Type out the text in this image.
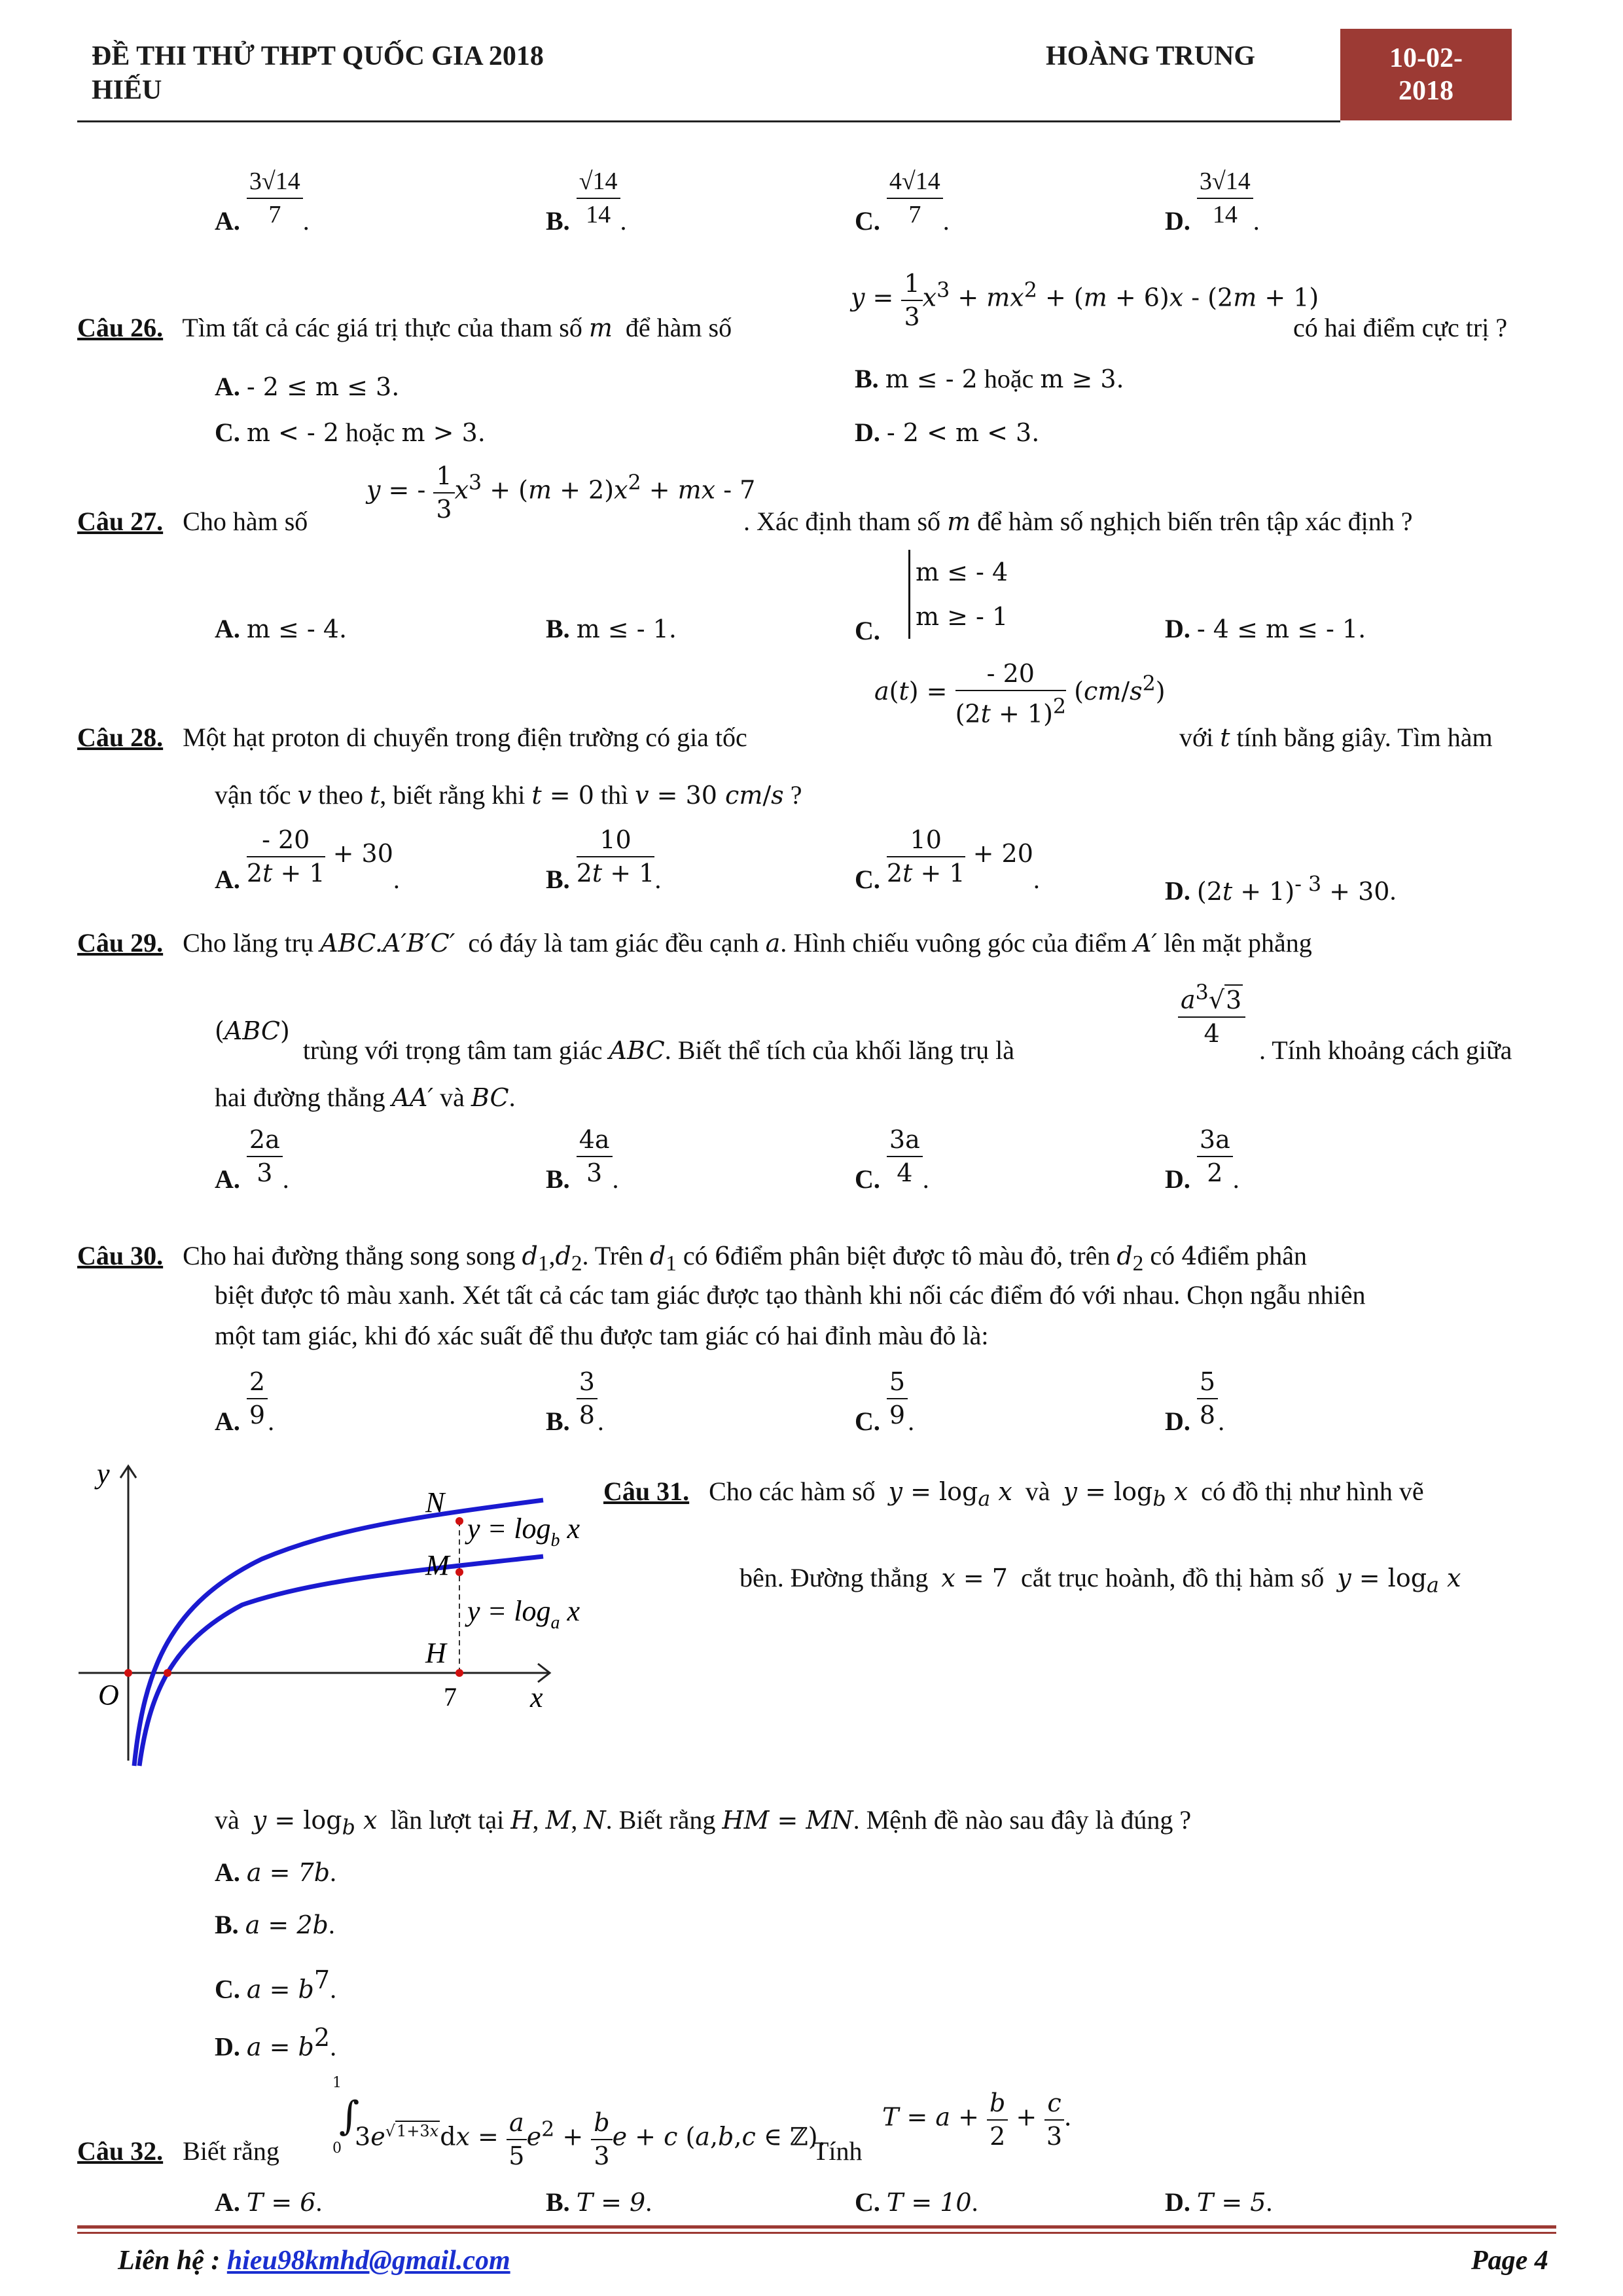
ĐỀ THI THỬ THPT QUỐC GIA 2018
HIẾU
HOÀNG TRUNG	10-02-
2018
A. $\frac{3√14}{7}$ .	B. $\frac{√14}{14}$ .	C. $\frac{4√14}{7}$ .	D. $\frac{3√14}{14}$ .
Câu 26. Tìm tất cả các giá trị thực của tham số m để hàm số
$y = \frac{1}{3} x^3 + mx^2 + (m + 6)x - (2m + 1)$
có hai điểm cực trị ?
A. - 2 ≤ m ≤ 3.	B. m ≤ - 2 hoặc m ≥ 3.
C. m < - 2 hoặc m > 3.	D. - 2 < m < 3.
Câu 27. Cho hàm số
y = - $\frac{1}{3} x^3 + (m + 2)x^2$ + mx - 7
. Xác định tham số m để hàm số nghịch biến trên tập xác định ?
A. m ≤ - 4.	B. m ≤ - 1.	C.
m ≤ - 4
m ≥ - 1	D. - 4 ≤ m ≤ - 1.
Câu 28. Một hạt proton di chuyển trong điện trường có gia tốc
$a(t) = \frac{- 20}{(2t + 1)^2} (cm/s^2)$
với t tính bằng giây. Tìm hàm
vận tốc v theo t, biết rằng khi t = 0 thì v = 30 cm/s ?
A. $\frac{- 20}{2t + 1} + 30$.	B. $\frac{10}{2t + 1}$ .	C. $\frac{10}{2t + 1} + 20$.	D. $(2t + 1)^{- 3} + 30$.
Câu 29. Cho lăng trụ ABC.A′B′C′ có đáy là tam giác đều cạnh a. Hình chiếu vuông góc của điểm A′ lên mặt phẳng
(ABC)  trùng với trọng tâm tam giác ABC. Biết thể tích của khối lăng trụ là
$\frac{a^3√3}{4}$
. Tính khoảng cách giữa
hai đường thẳng AA′ và BC.
A. $\frac{2a}{3}$ .	B. $\frac{4a}{3}$ .	C. $\frac{3a}{4}$ .	D. $\frac{3a}{2}$ .
Câu 30. Cho hai đường thẳng song song $d_1,d_2$. Trên $d_1$ có 6điểm phân biệt được tô màu đỏ, trên $d_2$ có 4điểm phân
biệt được tô màu xanh. Xét tất cả các tam giác được tạo thành khi nối các điểm đó với nhau. Chọn ngẫu nhiên
một tam giác, khi đó xác suất để thu được tam giác có hai đỉnh màu đỏ là:
A. $\frac{2}{9}$ .	B. $\frac{3}{8}$ .	C. $\frac{5}{9}$ .	D. $\frac{5}{8}$ .
y
x
O
N
M
H
7
$y = \log_b x$
$y = \log_a x$
Câu 31. Cho các hàm số $y = \log_a x$ và $y = \log_b x$ có đồ thị như hình vẽ
bên. Đường thẳng x = 7 cắt trục hoành, đồ thị hàm số $y = \log_a x$
và $y = \log_b x$ lần lượt tại H, M, N. Biết rằng HM = MN. Mệnh đề nào sau đây là đúng ?
A. a = 7b.
B. a = 2b.
C. $a = b^7$.
D. $a = b^2$.
Câu 32. Biết rằng
1
0
∫
$3e^{√1+3x}dx = \frac{a}{5} e^2 + \frac{b}{3}$ e + c (a,b,c ∈ ℤ).
Tính
$T = a + \frac{b}{2} + \frac{c}{3}$ .
A. T = 6.	B. T = 9.	C. T = 10.	D. T = 5.
Liên hệ : hieu98kmhd@gmail.com	Page 4
